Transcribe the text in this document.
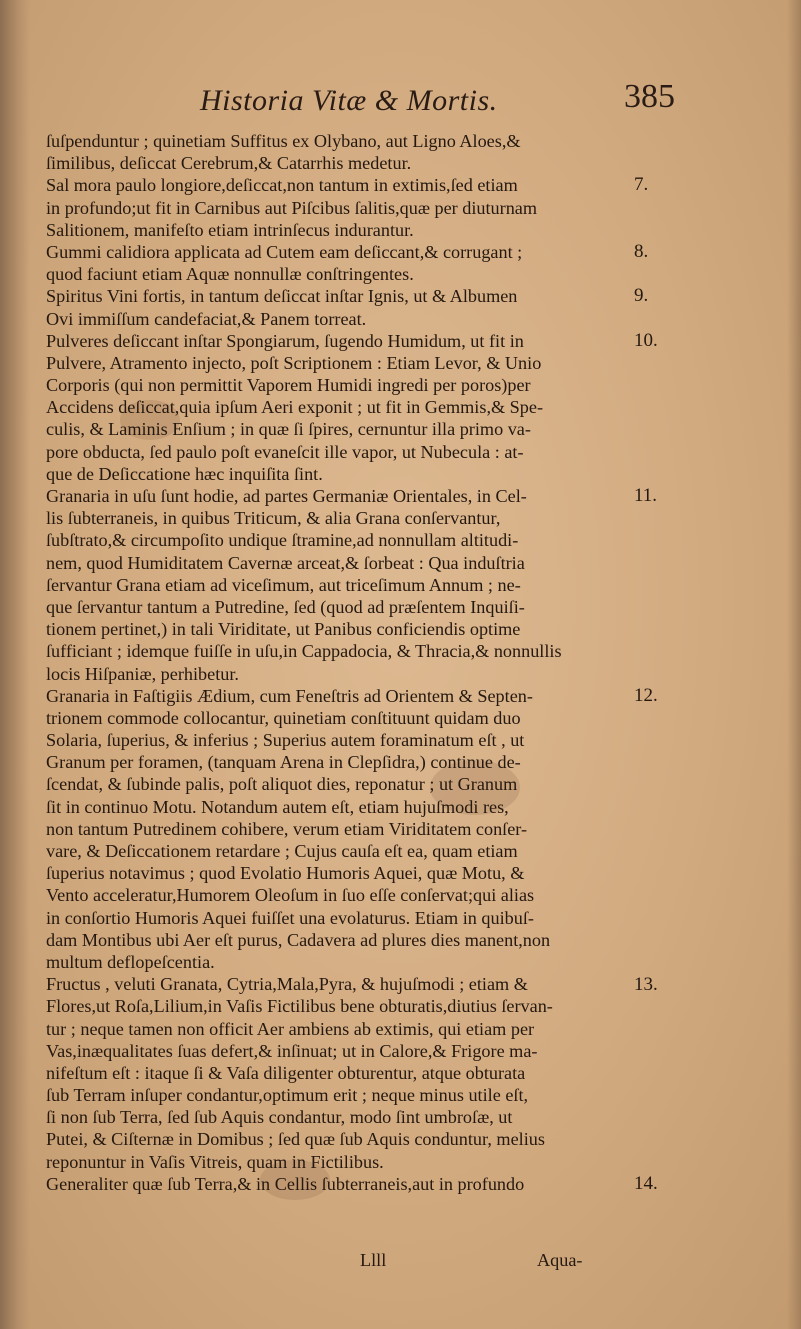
Historia Vitæ & Mortis.	385
ſuſpenduntur ; quinetiam Suffitus ex Olybano, aut Ligno Aloes,&
ſimilibus, deſiccat Cerebrum,& Catarrhis medetur.
Sal mora paulo longiore,deſiccat,non tantum in extimis,ſed etiam
in profundo;ut fit in Carnibus aut Piſcibus ſalitis,quæ per diuturnam
Salitionem, manifeſto etiam intrinſecus indurantur.
Gummi calidiora applicata ad Cutem eam deſiccant,& corrugant ;
quod faciunt etiam Aquæ nonnullæ conſtringentes.
Spiritus Vini fortis, in tantum deſiccat inſtar Ignis, ut & Albumen
Ovi immiſſum candefaciat,& Panem torreat.
Pulveres deſiccant inſtar Spongiarum, ſugendo Humidum, ut fit in
Pulvere, Atramento injecto, poſt Scriptionem : Etiam Levor, & Unio
Corporis (qui non permittit Vaporem Humidi ingredi per poros)per
Accidens deſiccat,quia ipſum Aeri exponit ; ut fit in Gemmis,& Spe-
culis, & Laminis Enſium ; in quæ ſi ſpires, cernuntur illa primo va-
pore obducta, ſed paulo poſt evaneſcit ille vapor, ut Nubecula : at-
que de Deſiccatione hæc inquiſita ſint.
Granaria in uſu ſunt hodie, ad partes Germaniæ Orientales, in Cel-
lis ſubterraneis, in quibus Triticum, & alia Grana conſervantur,
ſubſtrato,& circumpoſito undique ſtramine,ad nonnullam altitudi-
nem, quod Humiditatem Cavernæ arceat,& ſorbeat : Qua induſtria
ſervantur Grana etiam ad viceſimum, aut triceſimum Annum ; ne-
que ſervantur tantum a Putredine, ſed (quod ad præſentem Inquiſi-
tionem pertinet,) in tali Viriditate, ut Panibus conficiendis optime
ſufficiant ; idemque fuiſſe in uſu,in Cappadocia, & Thracia,& nonnullis
locis Hiſpaniæ, perhibetur.
Granaria in Faſtigiis Ædium, cum Feneſtris ad Orientem & Septen-
trionem commode collocantur, quinetiam conſtituunt quidam duo
Solaria, ſuperius, & inferius ; Superius autem foraminatum eſt , ut
Granum per foramen, (tanquam Arena in Clepſidra,) continue de-
ſcendat, & ſubinde palis, poſt aliquot dies, reponatur ; ut Granum
ſit in continuo Motu. Notandum autem eſt, etiam hujuſmodi res,
non tantum Putredinem cohibere, verum etiam Viriditatem conſer-
vare, & Deſiccationem retardare ; Cujus cauſa eſt ea, quam etiam
ſuperius notavimus ; quod Evolatio Humoris Aquei, quæ Motu, &
Vento acceleratur,Humorem Oleoſum in ſuo eſſe conſervat;qui alias
in conſortio Humoris Aquei fuiſſet una evolaturus. Etiam in quibuſ-
dam Montibus ubi Aer eſt purus, Cadavera ad plures dies manent,non
multum deflореſcentia.
Fructus , veluti Granata, Cytria,Mala,Pyra, & hujuſmodi ; etiam &
Flores,ut Roſa,Lilium,in Vaſis Fictilibus bene obturatis,diutius ſervan-
tur ; neque tamen non officit Aer ambiens ab extimis, qui etiam per
Vas,inæqualitates ſuas defert,& inſinuat; ut in Calore,& Frigore ma-
nifeſtum eſt : itaque ſi & Vaſa diligenter obturentur, atque obturata
ſub Terram inſuper condantur,optimum erit ; neque minus utile eſt,
ſi non ſub Terra, ſed ſub Aquis condantur, modo ſint umbroſæ, ut
Putei, & Ciſternæ in Domibus ; ſed quæ ſub Aquis conduntur, melius
reponuntur in Vaſis Vitreis, quam in Fictilibus.
Generaliter quæ ſub Terra,& in Cellis ſubterraneis,aut in profundo
7.
8.
9.
10.
11.
12.
13.
14.
Llll	Aqua-
